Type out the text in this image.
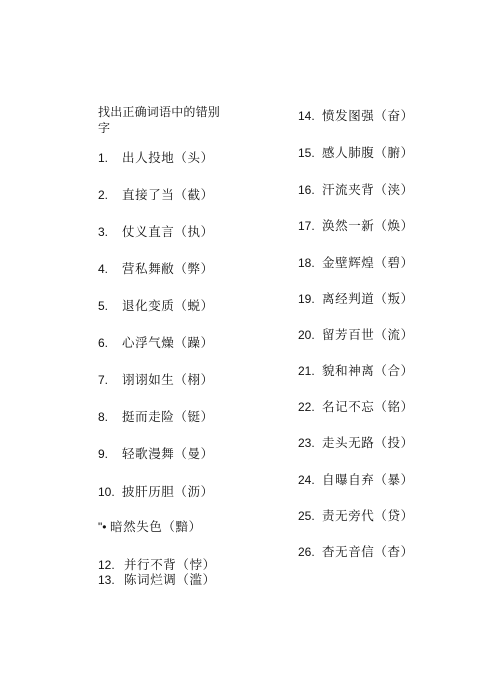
找出正确词语中的错别字
1. 出人投地（头）
2. 直接了当（截）
3. 仗义直言（执）
4. 营私舞敝（弊）
5. 退化变质（蜕）
6. 心浮气燥（躁）
7. 诩诩如生（栩）
8. 挺而走险（铤）
9. 轻歌漫舞（曼）
10. 披肝历胆（沥）
"• 暗然失色（黯）
12. 并行不背（悖）
13. 陈词烂调（滥）
14. 愤发图强（奋）
15. 感人肺腹（腑）
16. 汗流夹背（浃）
17. 涣然一新（焕）
18. 金壁辉煌（碧）
19. 离经判道（叛）
20. 留芳百世（流）
21. 貌和神离（合）
22. 名记不忘（铭）
23. 走头无路（投）
24. 自曝自弃（暴）
25. 责无旁代（贷）
26. 杳无音信（杳）
